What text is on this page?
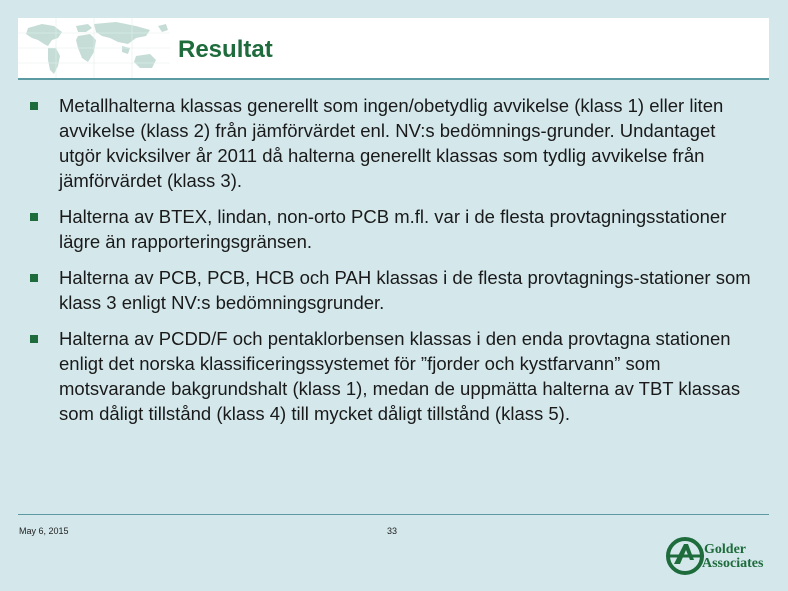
Resultat
Metallhalterna klassas generellt som ingen/obetydlig avvikelse (klass 1) eller liten avvikelse (klass 2) från jämförvärdet enl. NV:s bedömnings-grunder. Undantaget utgör kvicksilver år 2011 då halterna generellt klassas som tydlig avvikelse från jämförvärdet (klass 3).
Halterna av BTEX, lindan, non-orto PCB m.fl. var i de flesta provtagningsstationer lägre än rapporteringsgränsen.
Halterna av PCB, PCB, HCB och PAH klassas i de flesta provtagnings-stationer som klass 3 enligt NV:s bedömningsgrunder.
Halterna av PCDD/F och pentaklorbensen klassas i den enda provtagna stationen enligt det norska klassificeringssystemet för ”fjorder och kystfarvann” som motsvarande bakgrundshalt (klass 1), medan de uppmätta halterna av TBT klassas som dåligt tillstånd (klass 4) till mycket dåligt tillstånd (klass 5).
May 6, 2015	33
Golder
Associates
